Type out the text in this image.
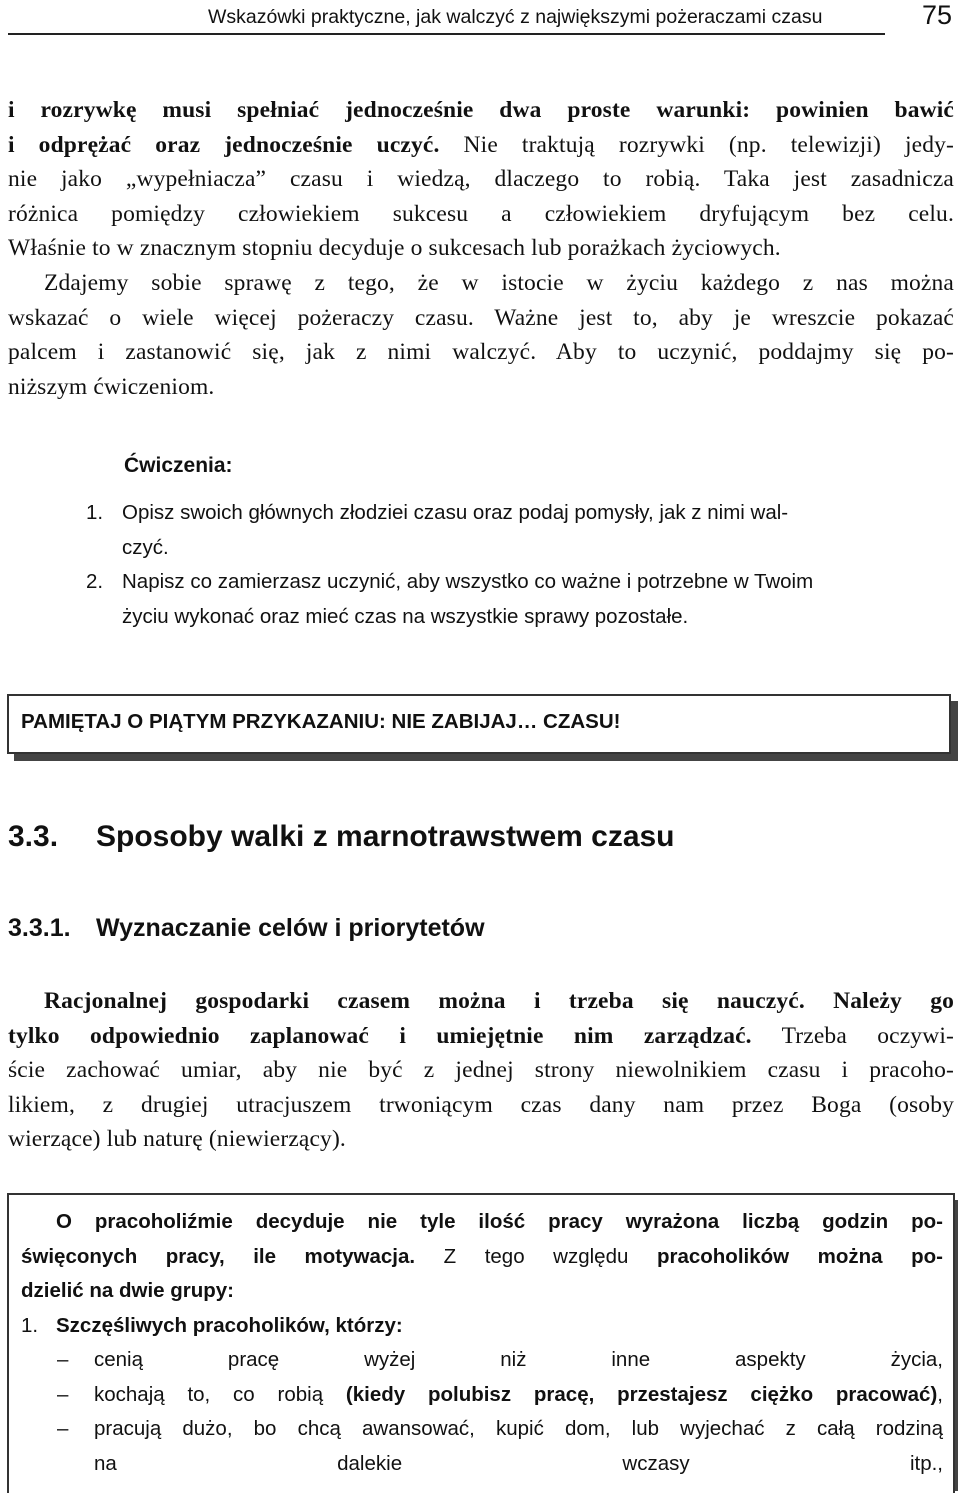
Wskazówki praktyczne, jak walczyć z największymi pożeraczami czasu	75
i rozrywkę musi spełniać jednocześnie dwa proste warunki: powinien bawić
i odprężać oraz jednocześnie uczyć. Nie traktują rozrywki (np. telewizji) jedy-
nie jako „wypełniacza” czasu i wiedzą, dlaczego to robią. Taka jest zasadnicza
różnica pomiędzy człowiekiem sukcesu a człowiekiem dryfującym bez celu.
Właśnie to w znacznym stopniu decyduje o sukcesach lub porażkach życiowych.
Zdajemy sobie sprawę z tego, że w istocie w życiu każdego z nas można
wskazać o wiele więcej pożeraczy czasu. Ważne jest to, aby je wreszcie pokazać
palcem i zastanowić się, jak z nimi walczyć. Aby to uczynić, poddajmy się po-
niższym ćwiczeniom.
Ćwiczenia:
1. Opisz swoich głównych złodziei czasu oraz podaj pomysły, jak z nimi wal-
czyć.
2. Napisz co zamierzasz uczynić, aby wszystko co ważne i potrzebne w Twoim
życiu wykonać oraz mieć czas na wszystkie sprawy pozostałe.
PAMIĘTAJ O PIĄTYM PRZYKAZANIU: NIE ZABIJAJ… CZASU!
3.3. Sposoby walki z marnotrawstwem czasu
3.3.1. Wyznaczanie celów i priorytetów
Racjonalnej gospodarki czasem można i trzeba się nauczyć. Należy go
tylko odpowiednio zaplanować i umiejętnie nim zarządzać. Trzeba oczywi-
ście zachować umiar, aby nie być z jednej strony niewolnikiem czasu i pracoho-
likiem, z drugiej utracjuszem trwoniącym czas dany nam przez Boga (osoby
wierzące) lub naturę (niewierzący).
O pracoholiźmie decyduje nie tyle ilość pracy wyrażona liczbą godzin po-
święconych pracy, ile motywacja. Z tego względu pracoholików można po-
dzielić na dwie grupy:
1. Szczęśliwych pracoholików, którzy:
– cenią pracę wyżej niż inne aspekty życia,
– kochają to, co robią (kiedy polubisz pracę, przestajesz ciężko pracować),
– pracują dużo, bo chcą awansować, kupić dom, lub wyjechać z całą rodziną
na dalekie wczasy itp.,
